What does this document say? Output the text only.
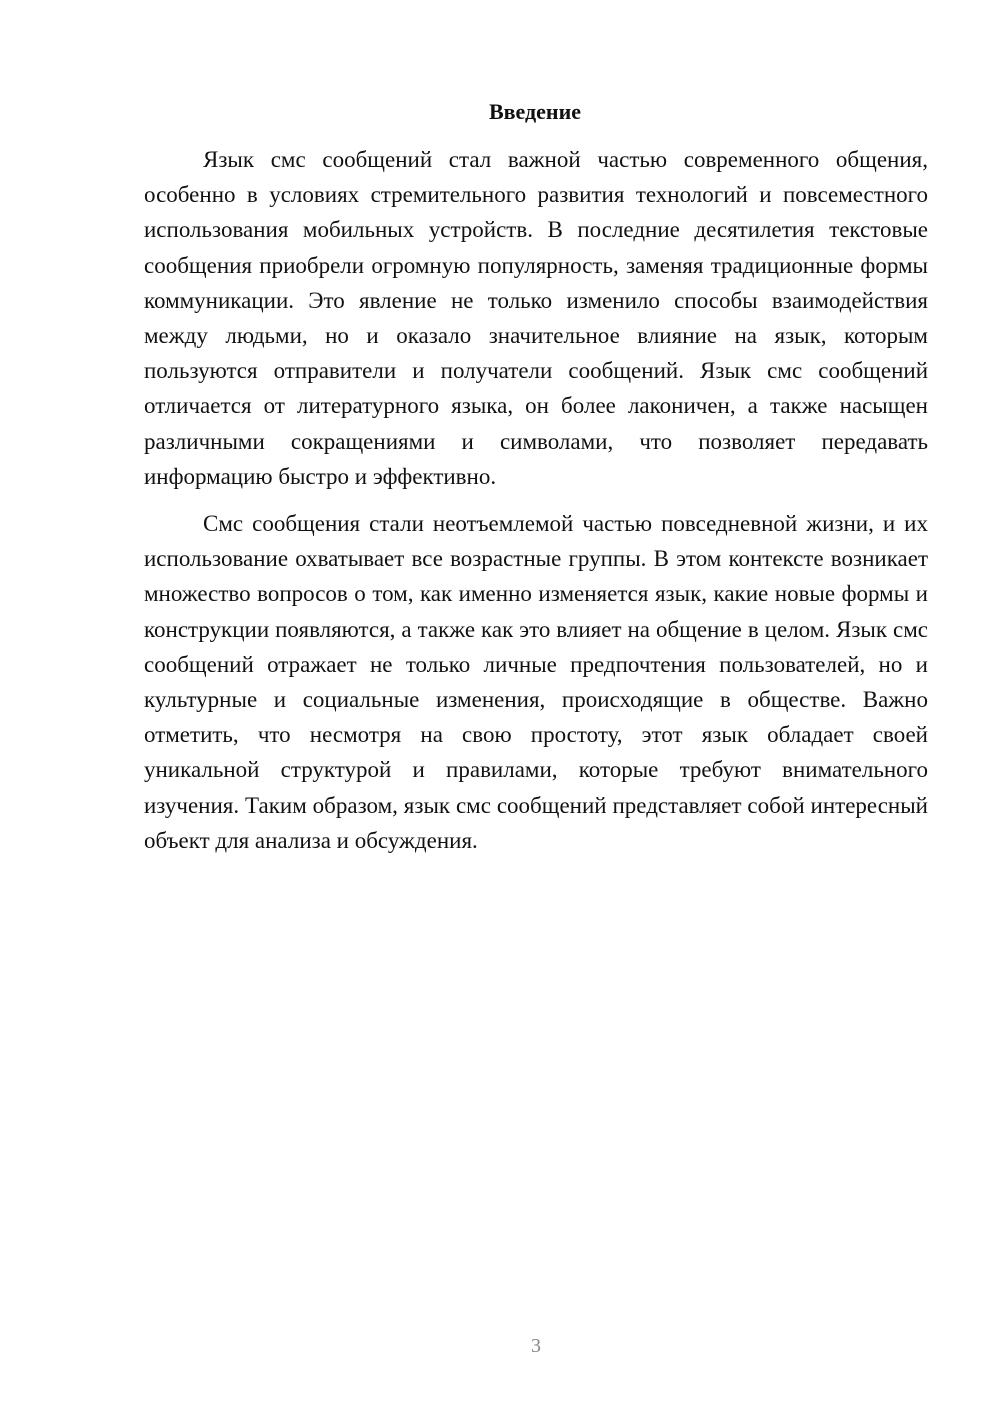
Введение

Язык смс сообщений стал важной частью современного общения, особенно в условиях стремительного развития технологий и повсеместного использования мобильных устройств. В последние десятилетия текстовые сообщения приобрели огромную популярность, заменяя традиционные формы коммуникации. Это явление не только изменило способы взаимодействия между людьми, но и оказало значительное влияние на язык, которым пользуются отправители и получатели сообщений. Язык смс сообщений отличается от литературного языка, он более лаконичен, а также насыщен различными сокращениями и символами, что позволяет передавать информацию быстро и эффективно.

Смс сообщения стали неотъемлемой частью повседневной жизни, и их использование охватывает все возрастные группы. В этом контексте возникает множество вопросов о том, как именно изменяется язык, какие новые формы и конструкции появляются, а также как это влияет на общение в целом. Язык смс сообщений отражает не только личные предпочтения пользователей, но и культурные и социальные изменения, происходящие в обществе. Важно отметить, что несмотря на свою простоту, этот язык обладает своей уникальной структурой и правилами, которые требуют внимательного изучения. Таким образом, язык смс сообщений представляет собой интересный объект для анализа и обсуждения.

3
